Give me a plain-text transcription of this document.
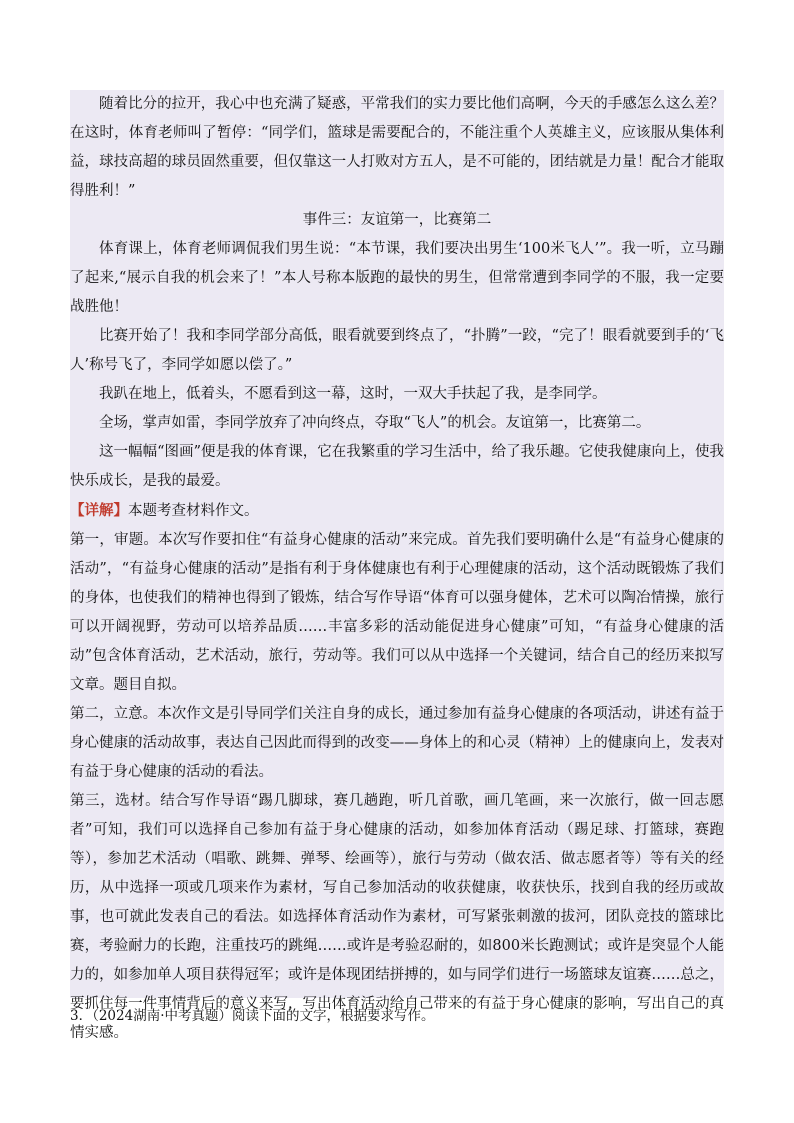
随着比分的拉开，我心中也充满了疑惑，平常我们的实力要比他们高啊，今天的手感怎么这么差？在这时，体育老师叫了暂停：“同学们，篮球是需要配合的，不能注重个人英雄主义，应该服从集体利益，球技高超的球员固然重要，但仅靠这一人打败对方五人，是不可能的，团结就是力量！配合才能取得胜利！”

事件三：友谊第一，比赛第二

体育课上，体育老师调侃我们男生说：“本节课，我们要决出男生‘100米飞人’”。我一听，立马蹦了起来,“展示自我的机会来了！”本人号称本版跑的最快的男生，但常常遭到李同学的不服，我一定要战胜他！

比赛开始了！我和李同学部分高低，眼看就要到终点了，“扑腾”一跤，“完了！眼看就要到手的‘飞人’称号飞了，李同学如愿以偿了。”

我趴在地上，低着头，不愿看到这一幕，这时，一双大手扶起了我，是李同学。

全场，掌声如雷，李同学放弃了冲向终点，夺取“飞人”的机会。友谊第一，比赛第二。

这一幅幅“图画”便是我的体育课，它在我繁重的学习生活中，给了我乐趣。它使我健康向上，使我快乐成长，是我的最爱。

【详解】本题考查材料作文。

第一，审题。本次写作要扣住“有益身心健康的活动”来完成。首先我们要明确什么是“有益身心健康的活动”，“有益身心健康的活动”是指有利于身体健康也有利于心理健康的活动，这个活动既锻炼了我们的身体，也使我们的精神也得到了锻炼，结合写作导语“体育可以强身健体，艺术可以陶冶情操，旅行可以开阔视野，劳动可以培养品质……丰富多彩的活动能促进身心健康”可知，“有益身心健康的活动”包含体育活动，艺术活动，旅行，劳动等。我们可以从中选择一个关键词，结合自己的经历来拟写文章。题目自拟。

第二，立意。本次作文是引导同学们关注自身的成长，通过参加有益身心健康的各项活动，讲述有益于身心健康的活动故事，表达自己因此而得到的改变——身体上的和心灵（精神）上的健康向上，发表对有益于身心健康的活动的看法。

第三，选材。结合写作导语“踢几脚球，赛几趟跑，听几首歌，画几笔画，来一次旅行，做一回志愿者”可知，我们可以选择自己参加有益于身心健康的活动，如参加体育活动（踢足球、打篮球，赛跑等），参加艺术活动（唱歌、跳舞、弹琴、绘画等），旅行与劳动（做农活、做志愿者等）等有关的经历，从中选择一项或几项来作为素材，写自己参加活动的收获健康，收获快乐，找到自我的经历或故事，也可就此发表自己的看法。如选择体育活动作为素材，可写紧张刺激的拔河，团队竞技的篮球比赛，考验耐力的长跑，注重技巧的跳绳……或许是考验忍耐的，如800米长跑测试；或许是突显个人能力的，如参加单人项目获得冠军；或许是体现团结拼搏的，如与同学们进行一场篮球友谊赛……总之，要抓住每一件事情背后的意义来写，写出体育活动给自己带来的有益于身心健康的影响，写出自己的真情实感。

3．（2024湖南·中考真题）阅读下面的文字，根据要求写作。
